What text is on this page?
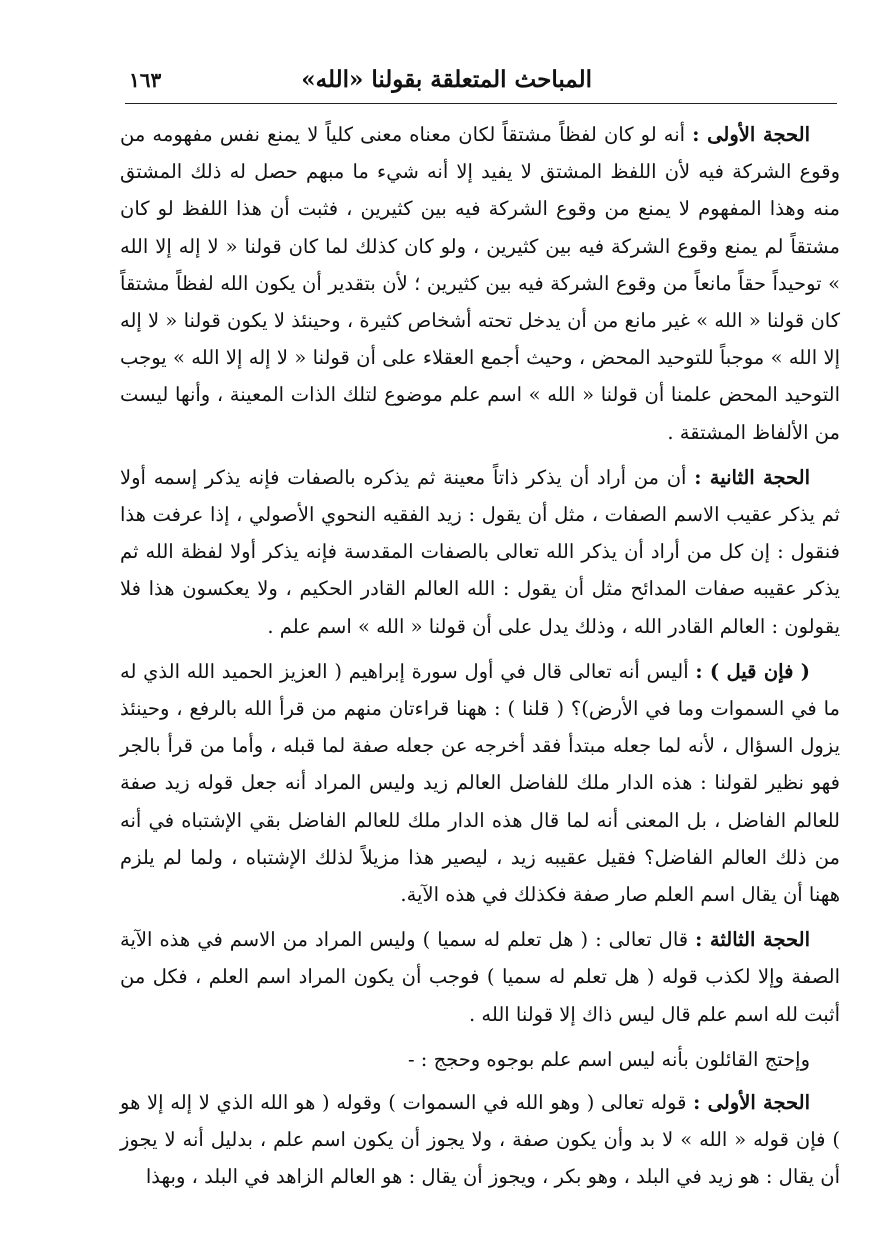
المباحث المتعلقة بقولنا «الله»
١٦٣

الحجة الأولى : أنه لو كان لفظاً مشتقاً لكان معناه معنى كلياً لا يمنع نفس مفهومه من وقوع الشركة فيه لأن اللفظ المشتق لا يفيد إلا أنه شيء ما مبهم حصل له ذلك المشتق منه وهذا المفهوم لا يمنع من وقوع الشركة فيه بين كثيرين ، فثبت أن هذا اللفظ لو كان مشتقاً لم يمنع وقوع الشركة فيه بين كثيرين ، ولو كان كذلك لما كان قولنا « لا إله إلا الله » توحيداً حقاً مانعاً من وقوع الشركة فيه بين كثيرين ؛ لأن بتقدير أن يكون الله لفظاً مشتقاً كان قولنا « الله » غير مانع من أن يدخل تحته أشخاص كثيرة ، وحينئذ لا يكون قولنا « لا إله إلا الله » موجباً للتوحيد المحض ، وحيث أجمع العقلاء على أن قولنا « لا إله إلا الله » يوجب التوحيد المحض علمنا أن قولنا « الله » اسم علم موضوع لتلك الذات المعينة ، وأنها ليست من الألفاظ المشتقة .

الحجة الثانية : أن من أراد أن يذكر ذاتاً معينة ثم يذكره بالصفات فإنه يذكر إسمه أولا ثم يذكر عقيب الاسم الصفات ، مثل أن يقول : زيد الفقيه النحوي الأصولي ، إذا عرفت هذا فنقول : إن كل من أراد أن يذكر الله تعالى بالصفات المقدسة فإنه يذكر أولا لفظة الله ثم يذكر عقيبه صفات المدائح مثل أن يقول : الله العالم القادر الحكيم ، ولا يعكسون هذا فلا يقولون : العالم القادر الله ، وذلك يدل على أن قولنا « الله » اسم علم .

( فإن قيل ) : أليس أنه تعالى قال في أول سورة إبراهيم ( العزيز الحميد الله الذي له ما في السموات وما في الأرض)؟ ( قلنا ) : ههنا قراءتان منهم من قرأ الله بالرفع ، وحينئذ يزول السؤال ، لأنه لما جعله مبتدأ فقد أخرجه عن جعله صفة لما قبله ، وأما من قرأ بالجر فهو نظير لقولنا : هذه الدار ملك للفاضل العالم زيد وليس المراد أنه جعل قوله زيد صفة للعالم الفاضل ، بل المعنى أنه لما قال هذه الدار ملك للعالم الفاضل بقي الإشتباه في أنه من ذلك العالم الفاضل؟ فقيل عقيبه زيد ، ليصير هذا مزيلاً لذلك الإشتباه ، ولما لم يلزم ههنا أن يقال اسم العلم صار صفة فكذلك في هذه الآية.

الحجة الثالثة : قال تعالى : ( هل تعلم له سميا ) وليس المراد من الاسم في هذه الآية الصفة وإلا لكذب قوله ( هل تعلم له سميا ) فوجب أن يكون المراد اسم العلم ، فكل من أثبت لله اسم علم قال ليس ذاك إلا قولنا الله .

وإحتج القائلون بأنه ليس اسم علم بوجوه وحجج : -

الحجة الأولى : قوله تعالى ( وهو الله في السموات ) وقوله ( هو الله الذي لا إله إلا هو ) فإن قوله « الله » لا بد وأن يكون صفة ، ولا يجوز أن يكون اسم علم ، بدليل أنه لا يجوز أن يقال : هو زيد في البلد ، وهو بكر ، ويجوز أن يقال : هو العالم الزاهد في البلد ، وبهذا
